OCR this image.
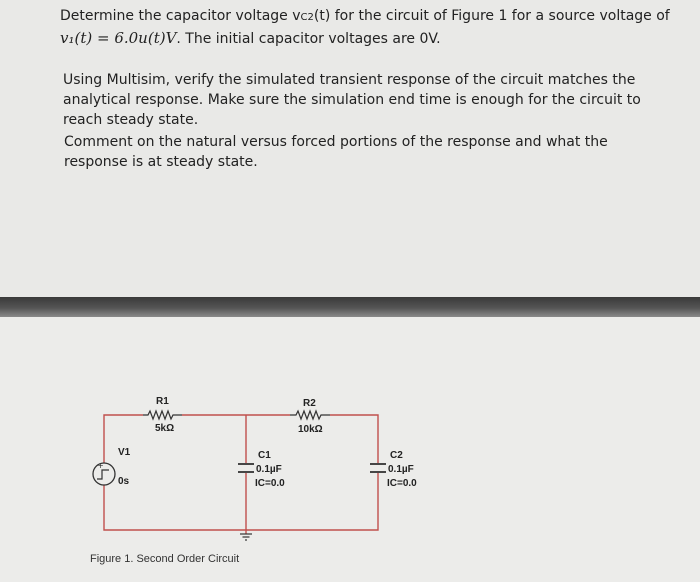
Determine the capacitor voltage vC2(t) for the circuit of Figure 1 for a source voltage of
v₁(t) = 6.0u(t)V. The initial capacitor voltages are 0V.
Using Multisim, verify the simulated transient response of the circuit matches the analytical response. Make sure the simulation end time is enough for the circuit to reach steady state.
Comment on the natural versus forced portions of the response and what the response is at steady state.
+
V1
0s
R1
5kΩ
R2
10kΩ
C1
0.1µF
IC=0.0
C2
0.1µF
IC=0.0
Figure 1. Second Order Circuit
